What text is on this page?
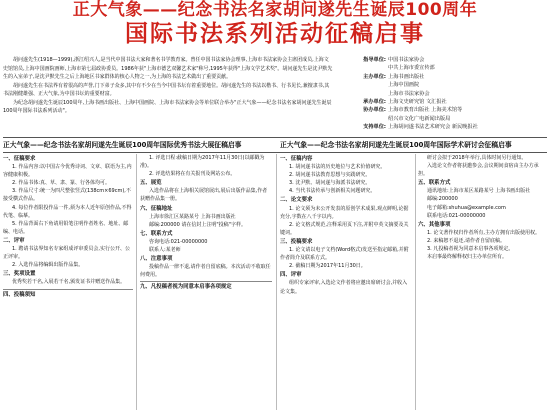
正大气象——纪念书法名家胡问遂先生诞辰100周年
国际书法系列活动征稿启事

胡问遂先生(1918—1999),浙江绍兴人,是当代中国书法大家和著名书学教育家。曾任中国书法家协会理事,上海市书法家协会主席团成员,上海文史馆馆员,上海中国画院画师,上海市第七届政协委员。1986年获"上海市德艺双馨艺术家"称号,1995年获得"上海文学艺术奖"。胡问遂先生是沈尹默先生的入室弟子,是沈尹默先生之后上海地区书家群体的核心人物之一,为上海的书法艺术做出了重要贡献。

胡问遂先生在书法界有着很高的声誉,门下弟子众多,其中有不少在当今中国书坛有着重要地位。胡问遂先生的书法以楷书、行书见长,兼擅隶书,其书法刚健雄强、正大气象,为中国书坛的重要财富。

为纪念胡问遂先生诞辰100周年,上海书画出版社、上海中国画院、上海市书法家协会等单位联合举办"正大气象——纪念书法名家胡问遂先生诞辰100周年国际书法系列活动"。

指导单位: 中国书法家协会
中共上海市委宣传部
主办单位: 上海书画出版社
上海中国画院
上海市书法家协会
承办单位: 上海文史研究馆 文汇报社
协办单位: 上海市教育出版社 上海美术馆等
绍兴市文化广电新闻出版局
支持单位: 上海胡问遂书法艺术研究会 新民晚报社
正大气象——纪念书法名家胡问遂先生诞辰100周年国际优秀书法大展征稿启事	正大气象——纪念书法名家胡问遂先生诞辰100周年国际学术研讨会征稿启事
一、征稿要求

1. 作品内容:以中国古今优秀诗词、文章、联语为主,内容健康积极。

2. 作品书体:真、草、隶、篆、行各体均可。

3. 作品尺寸:统一为四尺整张竖式(138cm×69cm),不接受横式作品。

4. 每位作者限投作品一件,须为本人近年原创作品,不得代笔、临摹。

5. 作品背面右下角请用铅笔注明作者姓名、地址、邮编、电话。

二、评审

1. 聘请书法界知名专家组成评审委员会,实行公开、公正评审。

2. 入选作品将编辑出版作品集。

三、奖项设置

优秀奖若干名,入展若干名,颁发证书并赠送作品集。

四、投稿须知

1. 评选日程:截稿日期为2017年11月30日(以邮戳为准)。

2. 评选结果将在有关报刊及网站公布。

五、展览

入选作品将在上海相关展馆展出,展后出版作品集,作者获赠作品集一册。

六、征稿地址

上海市徐汇区某路某号 上海书画出版社

邮编:200000 请在信封上注明"投稿"字样。

七、联系方式

咨询电话:021-00000000

联系人:某老师

八、注意事项

投稿作品一律不退,请作者自留底稿。本次活动不收取任何费用。

九、凡投稿者视为同意本启事各项规定
一、征稿内容

1. 胡问遂书法的历史地位与艺术价值研究。

2. 胡问遂书法教育思想与实践研究。

3. 沈尹默、胡问遂与海派书法研究。

4. 当代书法传承与创新相关问题研究。

二、论文要求

1. 论文须为未公开发表的原创学术成果,观点鲜明,论据充分,字数在八千字以内。

2. 论文格式规范,注释采用页下注,并附中英文摘要及关键词。

三、投稿要求

1. 论文请以电子文档(Word格式)发送至指定邮箱,并附作者简介及联系方式。

2. 截稿日期为2017年11月30日。

四、评审

组织专家评审,入选论文作者将应邀出席研讨会,并收入论文集。

研讨会拟于2018年举行,具体时间另行通知。

入选论文作者将获邀参会,会议期间食宿由主办方承担。

五、联系方式

通讯地址:上海市某区某路某号 上海书画出版社

邮编:200000

电子邮箱:shuhua@example.com

联系电话:021-00000000

六、其他事项

1. 论文著作权归作者所有,主办方拥有出版使用权。

2. 来稿恕不退还,请作者自留底稿。

3. 凡投稿者视为同意本启事各项规定。

本启事最终解释权归主办单位所有。
